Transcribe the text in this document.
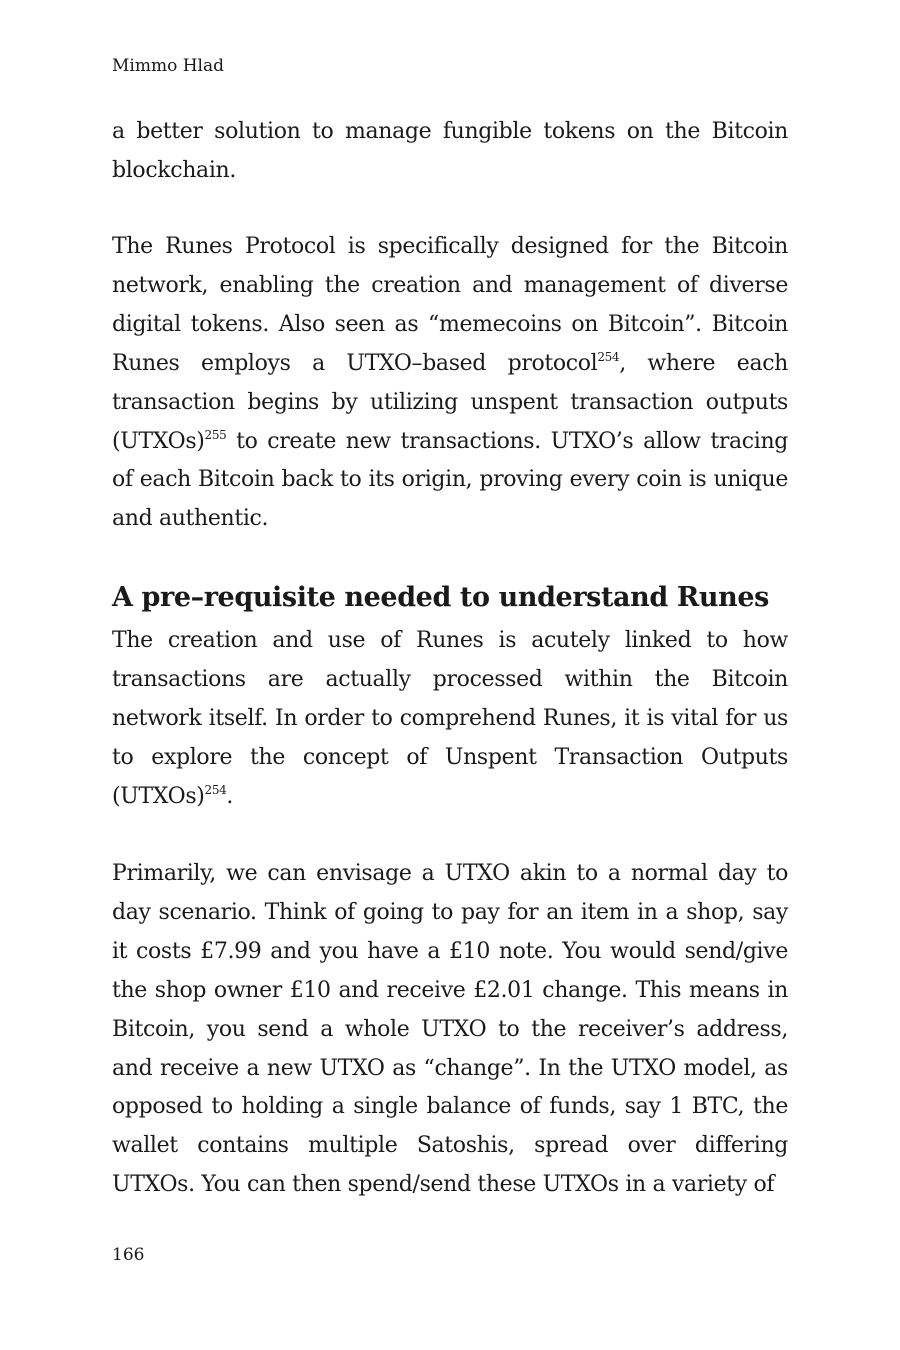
Mimmo Hlad

a better solution to manage fungible tokens on the Bitcoin blockchain.

The Runes Protocol is specifically designed for the Bitcoin network, enabling the creation and management of diverse digital tokens. Also seen as “memecoins on Bitcoin”. Bitcoin Runes employs a UTXO–based protocol$^{254}$, where each transaction begins by utilizing unspent transaction outputs (UTXOs)$^{255}$ to create new transactions. UTXO’s allow tracing of each Bitcoin back to its origin, proving every coin is unique and authentic.

A pre–requisite needed to understand Runes

The creation and use of Runes is acutely linked to how transactions are actually processed within the Bitcoin network itself. In order to comprehend Runes, it is vital for us to explore the concept of Unspent Transaction Outputs (UTXOs)$^{254}$.

Primarily, we can envisage a UTXO akin to a normal day to day scenario. Think of going to pay for an item in a shop, say it costs £7.99 and you have a £10 note. You would send/give the shop owner £10 and receive £2.01 change. This means in Bitcoin, you send a whole UTXO to the receiver’s address, and receive a new UTXO as “change”. In the UTXO model, as opposed to holding a single balance of funds, say 1 BTC, the wallet contains multiple Satoshis, spread over differing UTXOs. You can then spend/send these UTXOs in a variety of

166
